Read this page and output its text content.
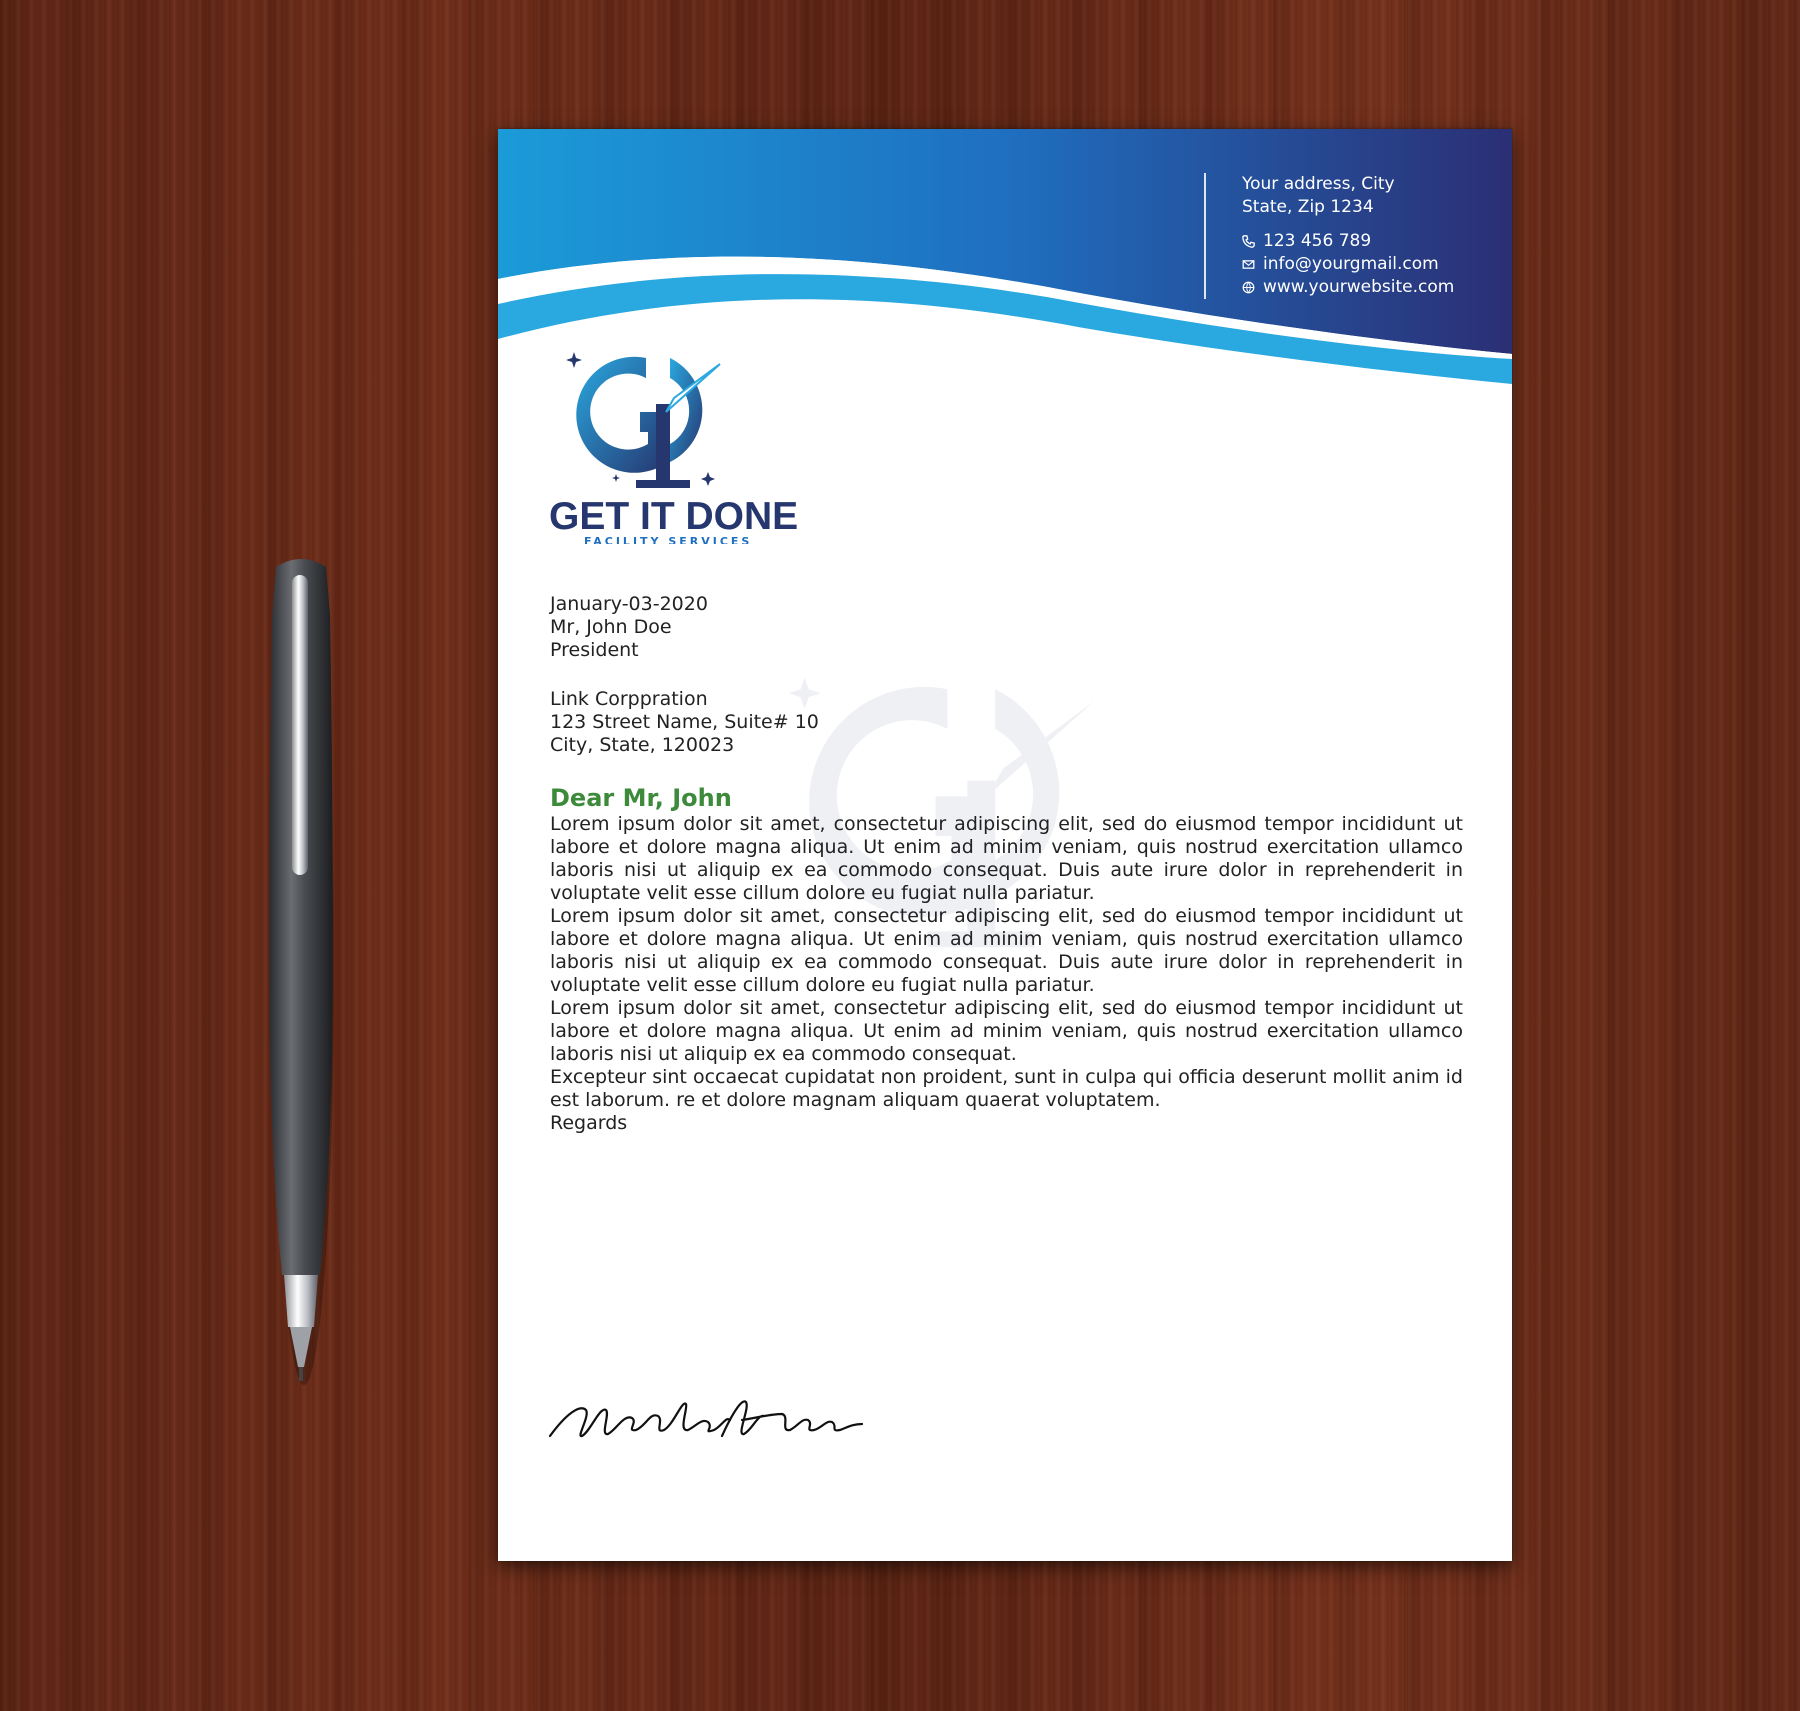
Your address, City
State, Zip 1234
123 456 789
info@yourgmail.com
www.yourwebsite.com
GET IT DONE
FACILITY SERVICES

January-03-2020

Mr, John Doe

President

Link Corppration

123 Street Name, Suite# 10

City, State, 120023

Dear Mr, John

Lorem ipsum dolor sit amet, consectetur adipiscing elit, sed do eiusmod tempor incididunt ut labore et dolore magna aliqua. Ut enim ad minim veniam, quis nostrud exercitation ullamco laboris nisi ut aliquip ex ea commodo consequat. Duis aute irure dolor in reprehenderit in voluptate velit esse cillum dolore eu fugiat nulla pariatur.

Lorem ipsum dolor sit amet, consectetur adipiscing elit, sed do eiusmod tempor incididunt ut labore et dolore magna aliqua. Ut enim ad minim veniam, quis nostrud exercitation ullamco laboris nisi ut aliquip ex ea commodo consequat. Duis aute irure dolor in reprehenderit in voluptate velit esse cillum dolore eu fugiat nulla pariatur.

Lorem ipsum dolor sit amet, consectetur adipiscing elit, sed do eiusmod tempor incididunt ut labore et dolore magna aliqua. Ut enim ad minim veniam, quis nostrud exercitation ullamco laboris nisi ut aliquip ex ea commodo consequat.

Excepteur sint occaecat cupidatat non proident, sunt in culpa qui officia deserunt mollit anim id est laborum. re et dolore magnam aliquam quaerat voluptatem.

Regards
